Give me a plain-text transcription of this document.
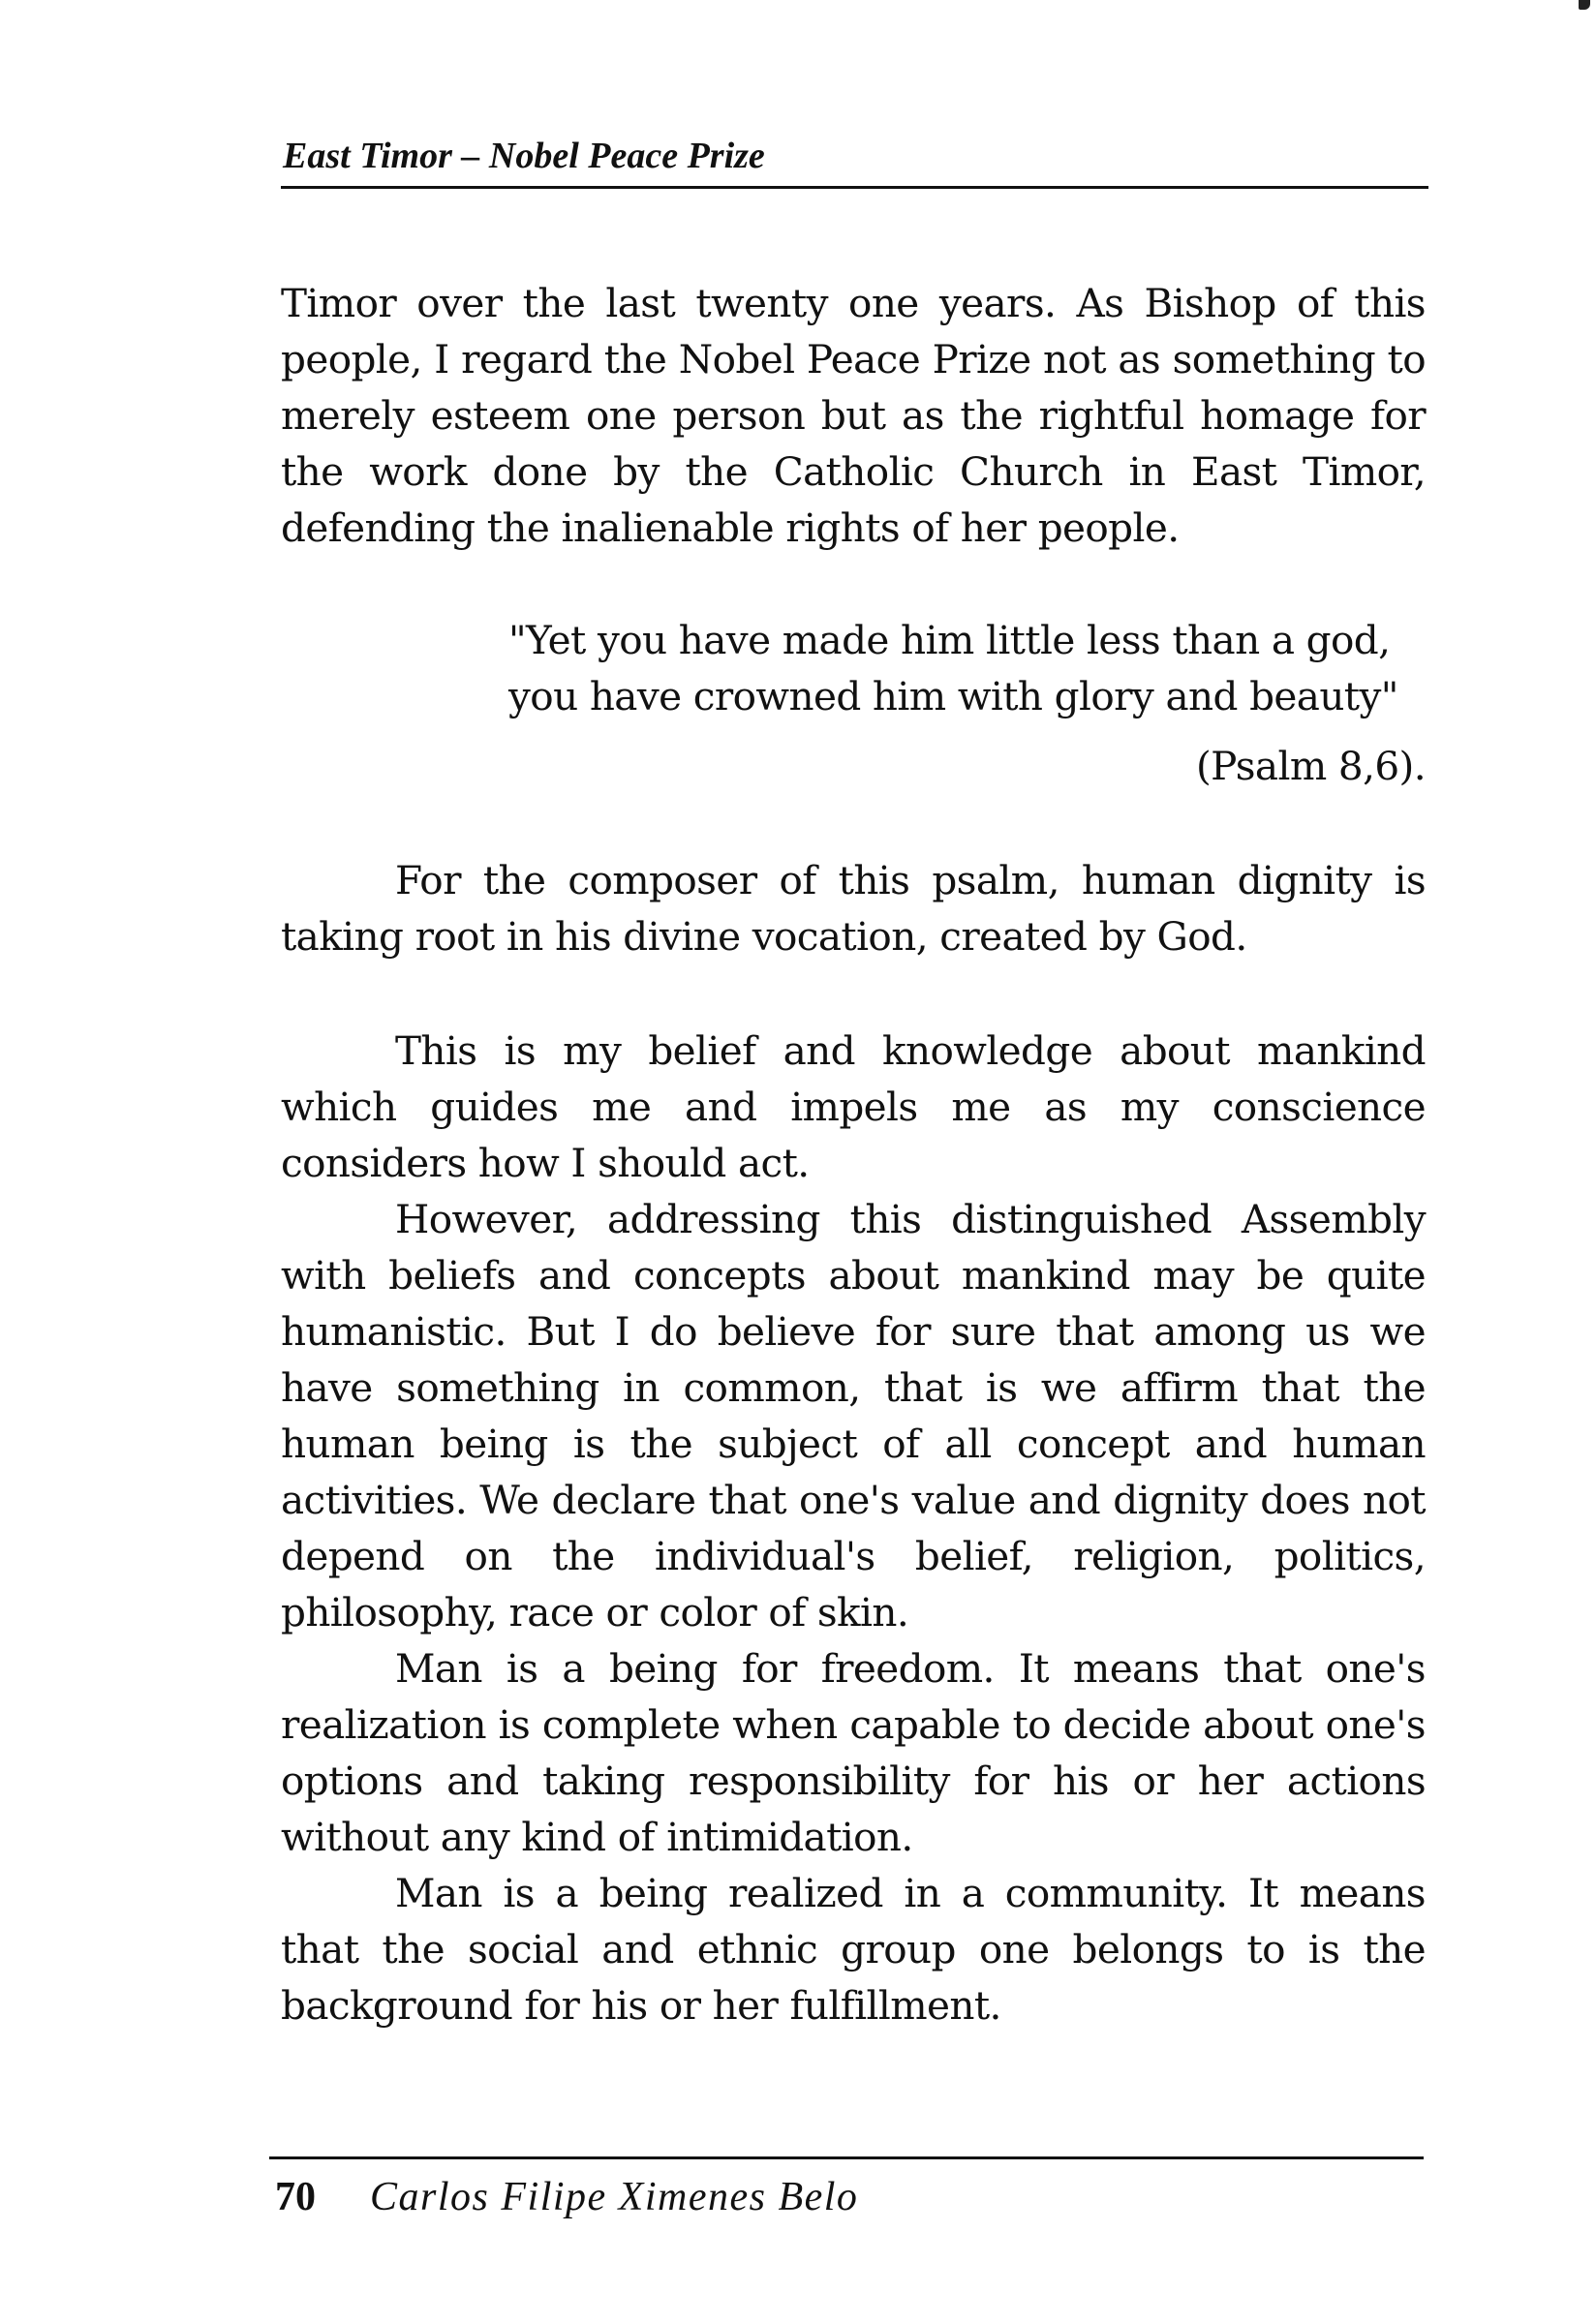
East Timor – Nobel Peace Prize
Timor over the last twenty one years. As Bishop of this people, I regard the Nobel Peace Prize not as something to merely esteem one person but as the rightful homage for the work done by the Catholic Church in East Timor, defending the inalienable rights of her people.
"Yet you have made him little less than a god,
you have crowned him with glory and beauty"
(Psalm 8,6).

For the composer of this psalm, human dignity is taking root in his divine vocation, created by God.

This is my belief and knowledge about mankind which guides me and impels me as my conscience considers how I should act.

However, addressing this distinguished Assembly with beliefs and concepts about mankind may be quite humanistic. But I do believe for sure that among us we have something in common, that is we affirm that the human being is the subject of all concept and human activities. We declare that one's value and dignity does not depend on the individual's belief, religion, politics, philosophy, race or color of skin.

Man is a being for freedom. It means that one's realization is complete when capable to decide about one's options and taking responsibility for his or her actions without any kind of intimidation.

Man is a being realized in a community. It means that the social and ethnic group one belongs to is the background for his or her fulfillment.

70 Carlos Filipe Ximenes Belo
